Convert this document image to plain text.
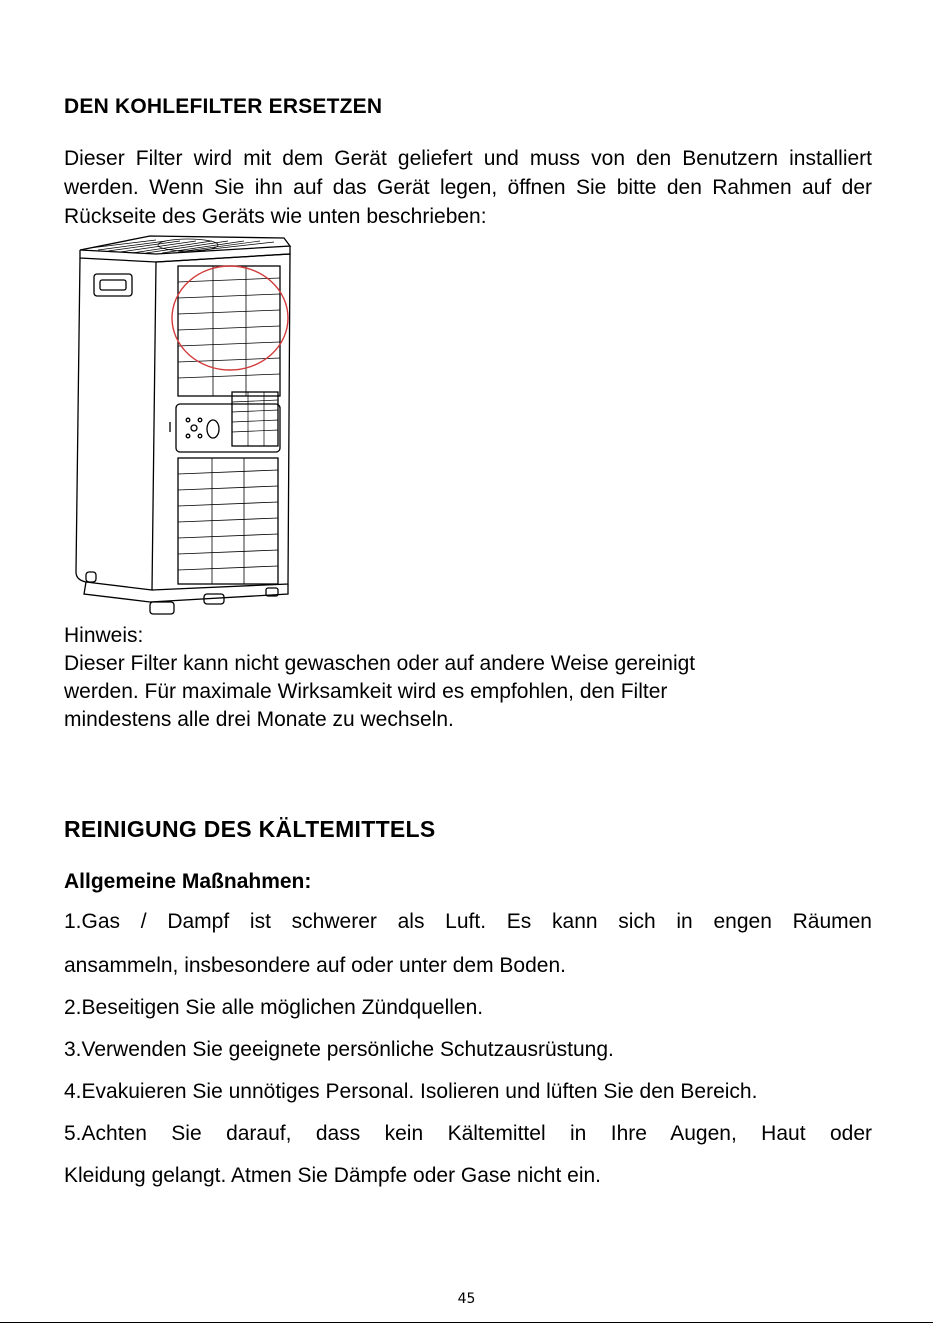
DEN KOHLEFILTER ERSETZEN
Dieser Filter wird mit dem Gerät geliefert und muss von den Benutzern installiert werden. Wenn Sie ihn auf das Gerät legen, öffnen Sie bitte den Rahmen auf der Rückseite des Geräts wie unten beschrieben:
Hinweis:
Dieser Filter kann nicht gewaschen oder auf andere Weise gereinigt
werden. Für maximale Wirksamkeit wird es empfohlen, den Filter
mindestens alle drei Monate zu wechseln.
REINIGUNG DES KÄLTEMITTELS
Allgemeine Maßnahmen:
1.Gas / Dampf ist schwerer als Luft. Es kann sich in engen Räumen
ansammeln, insbesondere auf oder unter dem Boden.
2.Beseitigen Sie alle möglichen Zündquellen.
3.Verwenden Sie geeignete persönliche Schutzausrüstung.
4.Evakuieren Sie unnötiges Personal. Isolieren und lüften Sie den Bereich.
5.Achten Sie darauf, dass kein Kältemittel in Ihre Augen, Haut oder
Kleidung gelangt. Atmen Sie Dämpfe oder Gase nicht ein.
45
